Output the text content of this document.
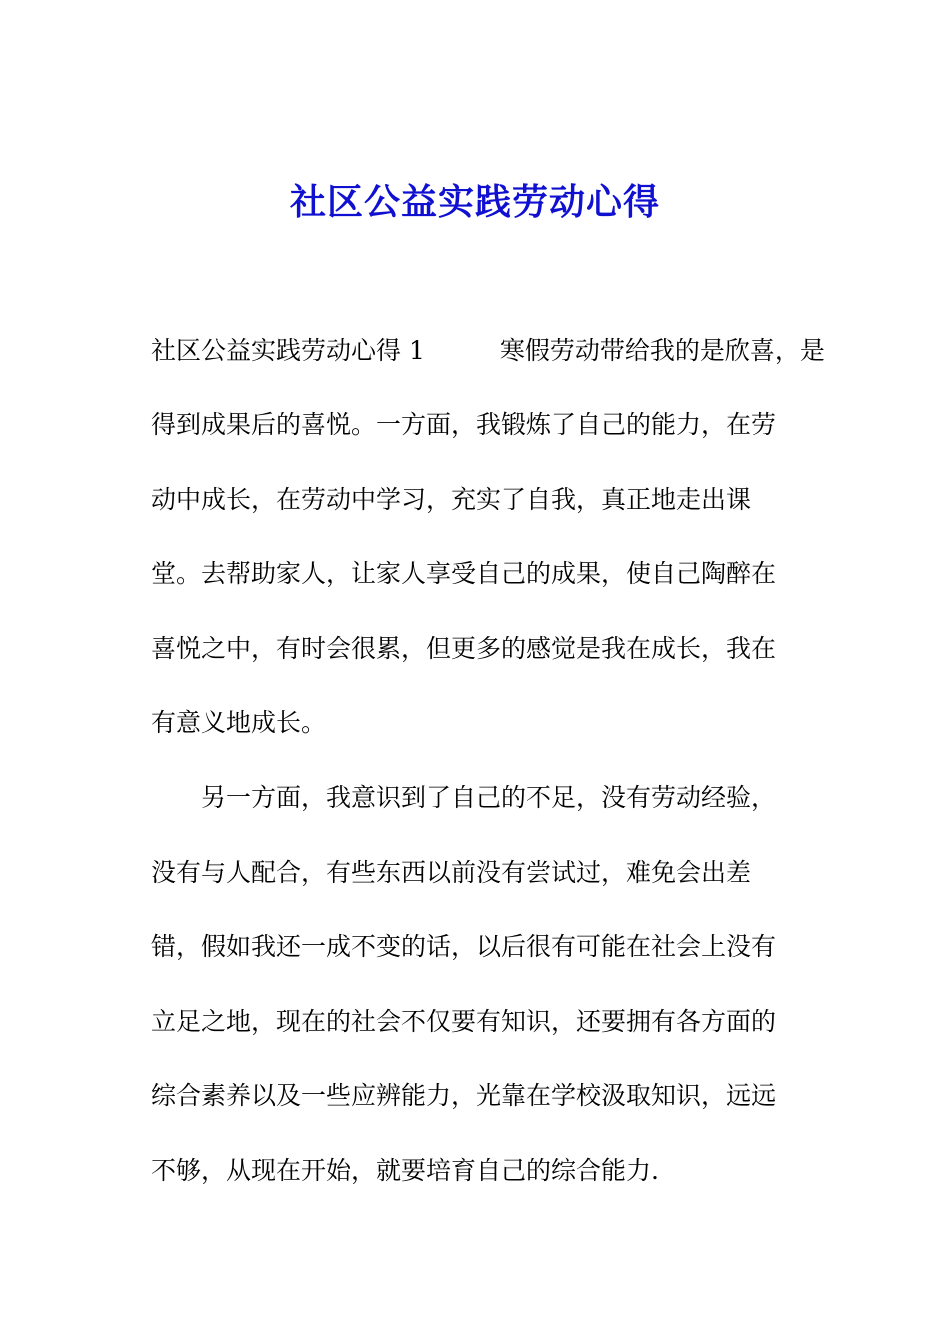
社区公益实践劳动心得

社区公益实践劳动心得 1　　　寒假劳动带给我的是欣喜，是

得到成果后的喜悦。一方面，我锻炼了自己的能力，在劳

动中成长，在劳动中学习，充实了自我，真正地走出课

堂。去帮助家人，让家人享受自己的成果，使自己陶醉在

喜悦之中，有时会很累，但更多的感觉是我在成长，我在

有意义地成长。

　　另一方面，我意识到了自己的不足，没有劳动经验，

没有与人配合，有些东西以前没有尝试过，难免会出差

错，假如我还一成不变的话，以后很有可能在社会上没有

立足之地，现在的社会不仅要有知识，还要拥有各方面的

综合素养以及一些应辨能力，光靠在学校汲取知识，远远

不够，从现在开始，就要培育自己的综合能力.
